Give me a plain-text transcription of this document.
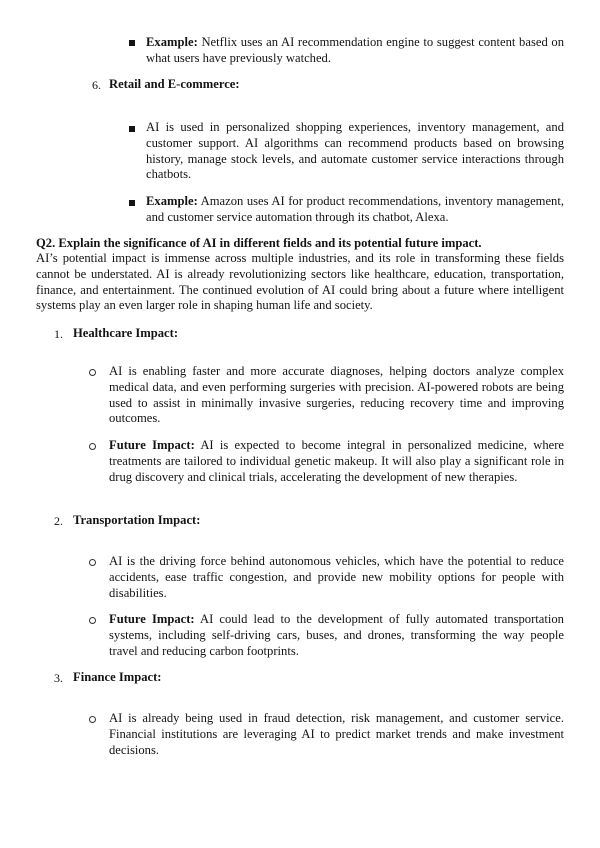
Example: Netflix uses an AI recommendation engine to suggest content based on what users have previously watched.
6. Retail and E-commerce:
AI is used in personalized shopping experiences, inventory management, and customer support. AI algorithms can recommend products based on browsing history, manage stock levels, and automate customer service interactions through chatbots.
Example: Amazon uses AI for product recommendations, inventory management, and customer service automation through its chatbot, Alexa.
Q2. Explain the significance of AI in different fields and its potential future impact.
AI’s potential impact is immense across multiple industries, and its role in transforming these fields cannot be understated. AI is already revolutionizing sectors like healthcare, education, transportation, finance, and entertainment. The continued evolution of AI could bring about a future where intelligent systems play an even larger role in shaping human life and society.
1. Healthcare Impact:
AI is enabling faster and more accurate diagnoses, helping doctors analyze complex medical data, and even performing surgeries with precision. AI-powered robots are being used to assist in minimally invasive surgeries, reducing recovery time and improving outcomes.
Future Impact: AI is expected to become integral in personalized medicine, where treatments are tailored to individual genetic makeup. It will also play a significant role in drug discovery and clinical trials, accelerating the development of new therapies.
2. Transportation Impact:
AI is the driving force behind autonomous vehicles, which have the potential to reduce accidents, ease traffic congestion, and provide new mobility options for people with disabilities.
Future Impact: AI could lead to the development of fully automated transportation systems, including self-driving cars, buses, and drones, transforming the way people travel and reducing carbon footprints.
3. Finance Impact:
AI is already being used in fraud detection, risk management, and customer service. Financial institutions are leveraging AI to predict market trends and make investment decisions.
